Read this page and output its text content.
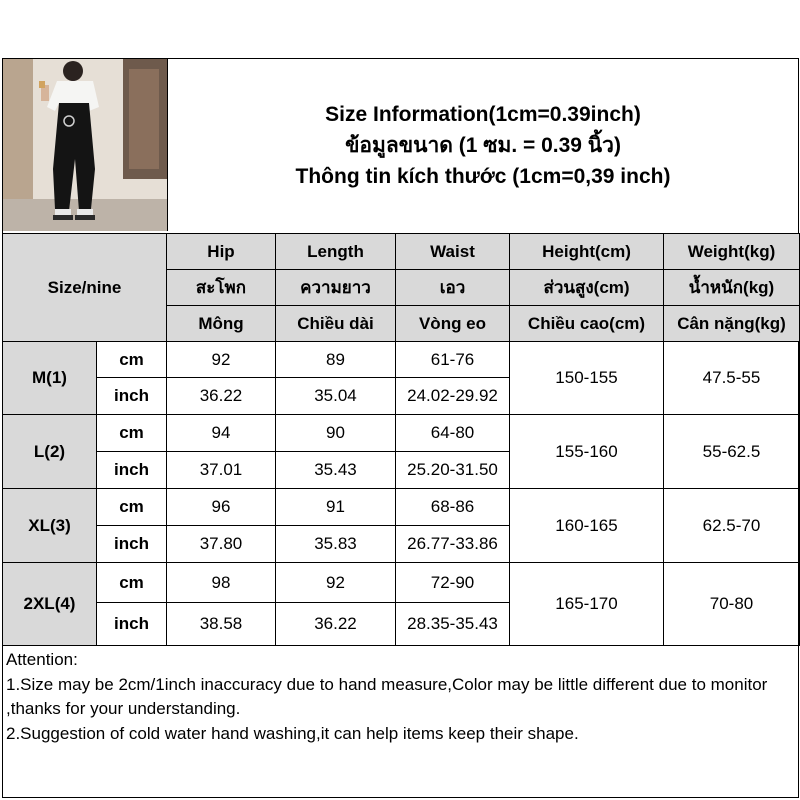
Size Information(1cm=0.39inch)
ข้อมูลขนาด (1 ซม. = 0.39 นิ้ว)
Thông tin kích thước (1cm=0,39 inch)
Size/nine		Hip	Length	Waist	Height(cm)	Weight(kg)
		สะโพก	ความยาว	เอว	ส่วนสูง(cm)	น้ำหนัก(kg)
		Mông	Chiều dài	Vòng eo	Chiều cao(cm)	Cân nặng(kg)
M(1)	cm	92	89	61-76	150-155	47.5-55
	inch	36.22	35.04	24.02-29.92		
L(2)	cm	94	90	64-80	155-160	55-62.5
	inch	37.01	35.43	25.20-31.50		
XL(3)	cm	96	91	68-86	160-165	62.5-70
	inch	37.80	35.83	26.77-33.86		
2XL(4)	cm	98	92	72-90	165-170	70-80
	inch	38.58	36.22	28.35-35.43		
Attention:
1.Size may be 2cm/1inch inaccuracy due to hand measure,Color may be little different due to monitor ,thanks for your understanding.
2.Suggestion of cold water hand washing,it can help items keep their shape.
